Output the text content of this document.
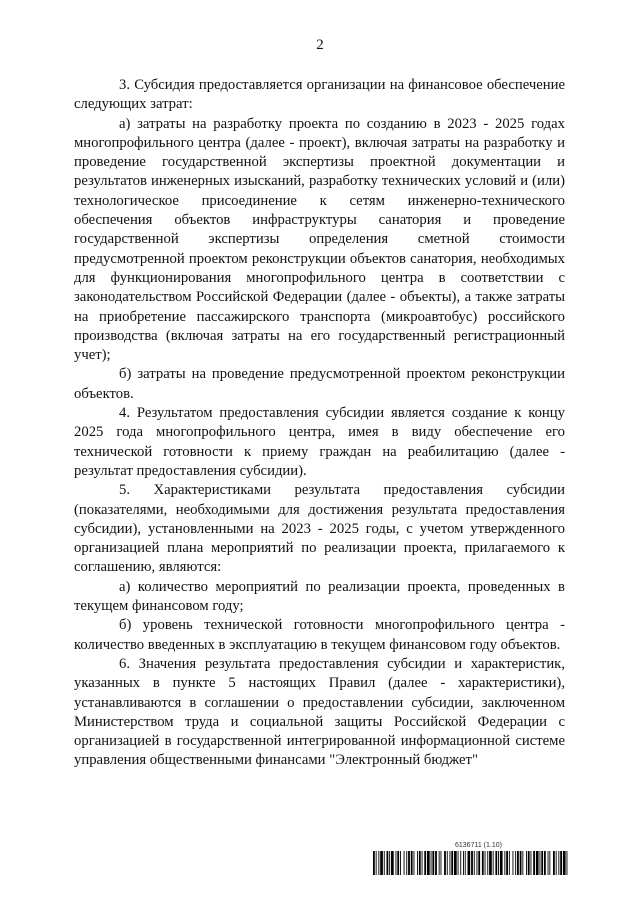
2

3. Субсидия предоставляется организации на финансовое обеспечение следующих затрат:

а) затраты на разработку проекта по созданию в 2023 - 2025 годах многопрофильного центра (далее - проект), включая затраты на разработку и проведение государственной экспертизы проектной документации и результатов инженерных изысканий, разработку технических условий и (или) технологическое присоединение к сетям инженерно-технического обеспечения объектов инфраструктуры санатория и проведение государственной экспертизы определения сметной стоимости предусмотренной проектом реконструкции объектов санатория, необходимых для функционирования многопрофильного центра в соответствии с законодательством Российской Федерации (далее - объекты), а также затраты на приобретение пассажирского транспорта (микроавтобус) российского производства (включая затраты на его государственный регистрационный учет);

б) затраты на проведение предусмотренной проектом реконструкции объектов.

4. Результатом предоставления субсидии является создание к концу 2025 года многопрофильного центра, имея в виду обеспечение его технической готовности к приему граждан на реабилитацию (далее - результат предоставления субсидии).

5. Характеристиками результата предоставления субсидии (показателями, необходимыми для достижения результата предоставления субсидии), установленными на 2023 - 2025 годы, с учетом утвержденного организацией плана мероприятий по реализации проекта, прилагаемого к соглашению, являются:

а) количество мероприятий по реализации проекта, проведенных в текущем финансовом году;

б) уровень технической готовности многопрофильного центра - количество введенных в эксплуатацию в текущем финансовом году объектов.

6. Значения результата предоставления субсидии и характеристик, указанных в пункте 5 настоящих Правил (далее - характеристики), устанавливаются в соглашении о предоставлении субсидии, заключенном Министерством труда и социальной защиты Российской Федерации с организацией в государственной интегрированной информационной системе управления общественными финансами "Электронный бюджет"

6136711 (1.10)
